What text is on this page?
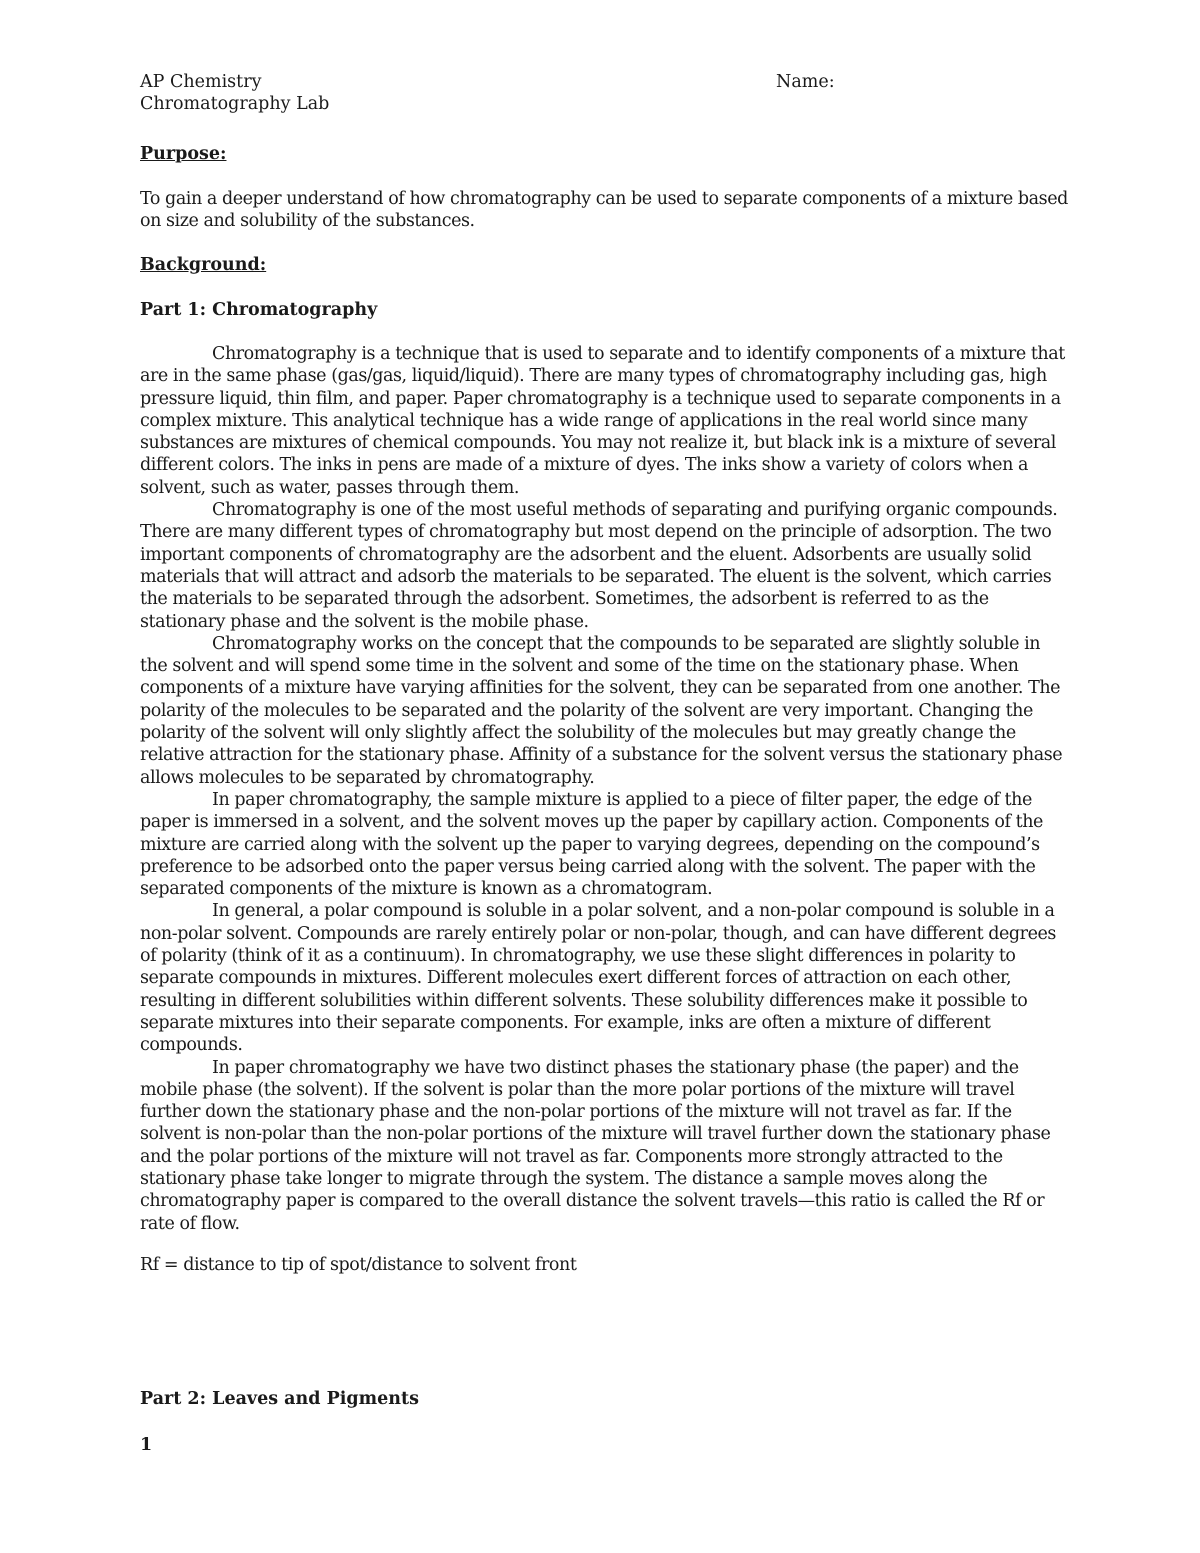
AP Chemistry
Chromatography Lab
Name:
Purpose:
To gain a deeper understand of how chromatography can be used to separate components of a mixture based on size and solubility of the substances.
Background:
Part 1: Chromatography

Chromatography is a technique that is used to separate and to identify components of a mixture that are in the same phase (gas/gas, liquid/liquid). There are many types of chromatography including gas, high pressure liquid, thin film, and paper. Paper chromatography is a technique used to separate components in a complex mixture. This analytical technique has a wide range of applications in the real world since many substances are mixtures of chemical compounds. You may not realize it, but black ink is a mixture of several different colors. The inks in pens are made of a mixture of dyes. The inks show a variety of colors when a solvent, such as water, passes through them.

Chromatography is one of the most useful methods of separating and purifying organic compounds. There are many different types of chromatography but most depend on the principle of adsorption. The two important components of chromatography are the adsorbent and the eluent. Adsorbents are usually solid materials that will attract and adsorb the materials to be separated. The eluent is the solvent, which carries the materials to be separated through the adsorbent. Sometimes, the adsorbent is referred to as the stationary phase and the solvent is the mobile phase.

Chromatography works on the concept that the compounds to be separated are slightly soluble in the solvent and will spend some time in the solvent and some of the time on the stationary phase. When components of a mixture have varying affinities for the solvent, they can be separated from one another. The polarity of the molecules to be separated and the polarity of the solvent are very important. Changing the polarity of the solvent will only slightly affect the solubility of the molecules but may greatly change the relative attraction for the stationary phase. Affinity of a substance for the solvent versus the stationary phase allows molecules to be separated by chromatography.

In paper chromatography, the sample mixture is applied to a piece of filter paper, the edge of the paper is immersed in a solvent, and the solvent moves up the paper by capillary action. Components of the mixture are carried along with the solvent up the paper to varying degrees, depending on the compound’s preference to be adsorbed onto the paper versus being carried along with the solvent. The paper with the separated components of the mixture is known as a chromatogram.

In general, a polar compound is soluble in a polar solvent, and a non-polar compound is soluble in a non-polar solvent. Compounds are rarely entirely polar or non-polar, though, and can have different degrees of polarity (think of it as a continuum). In chromatography, we use these slight differences in polarity to separate compounds in mixtures. Different molecules exert different forces of attraction on each other, resulting in different solubilities within different solvents. These solubility differences make it possible to separate mixtures into their separate components. For example, inks are often a mixture of different compounds.

In paper chromatography we have two distinct phases the stationary phase (the paper) and the mobile phase (the solvent). If the solvent is polar than the more polar portions of the mixture will travel further down the stationary phase and the non-polar portions of the mixture will not travel as far. If the solvent is non-polar than the non-polar portions of the mixture will travel further down the stationary phase and the polar portions of the mixture will not travel as far. Components more strongly attracted to the stationary phase take longer to migrate through the system. The distance a sample moves along the chromatography paper is compared to the overall distance the solvent travels—this ratio is called the Rf or rate of flow.

Rf = distance to tip of spot/distance to solvent front
Part 2: Leaves and Pigments
1
